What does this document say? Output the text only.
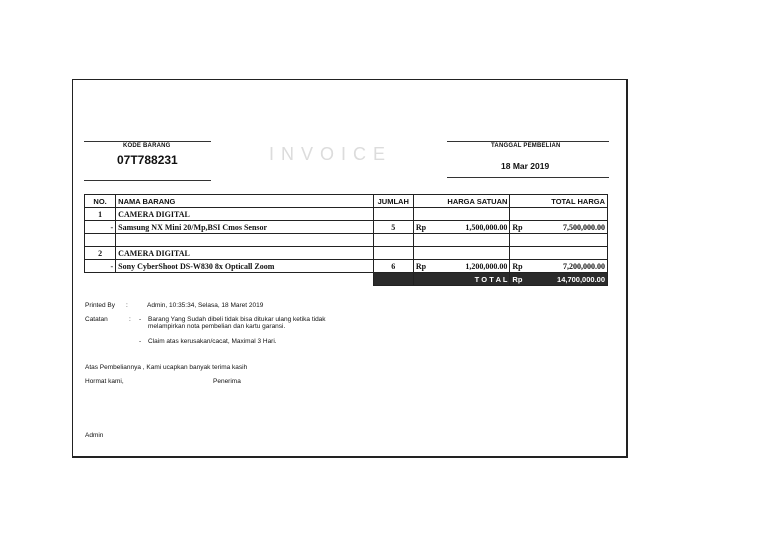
KODE BARANG
07T788231	INVOICE	TANGGAL PEMBELIAN
18 Mar 2019
NO.	NAMA BARANG	JUMLAH	HARGA SATUAN		TOTAL HARGA	
1	CAMERA DIGITAL					
-	Samsung NX Mini 20/Mp,BSI Cmos Sensor	5	Rp	1,500,000.00	Rp	7,500,000.00

2	CAMERA DIGITAL					
-	Sony CyberShoot DS-W830 8x Opticall Zoom	6	Rp	1,200,000.00	Rp	7,200,000.00
			T O T A L		Rp	14,700,000.00
Printed By :	Admin, 10:35:34, Selasa, 18 Maret 2019
Catatan	: - Barang Yang Sudah dibeli tidak bisa ditukar ulang ketika tidak
melampirkan nota pembelian dan kartu garansi.
- Claim atas kerusakan/cacat, Maximal 3 Hari.
Atas Pembeliannya , Kami ucapkan banyak terima kasih
Hormat kami,	Penerima
Admin
